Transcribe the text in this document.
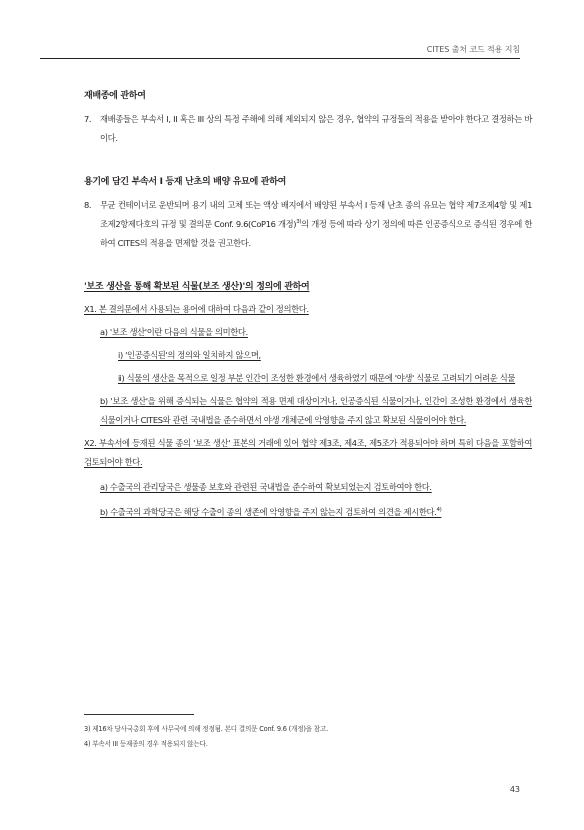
CITES 출처 코드 적용 지침

재배종에 관하여

7.	재배종들은 부속서 I, II 혹은 III 상의 특정 주해에 의해 제외되지 않은 경우, 협약의 규정들의 적용을 받아야 한다고 결정하는 바이다.

용기에 담긴 부속서 I 등재 난초의 배양 유묘에 관하여

8.	무균 컨테이너로 운반되며 용기 내의 고체 또는 액상 배지에서 배양된 부속서 I 등재 난초 종의 유묘는 협약 제7조제4항 및 제1조제2항제다호의 규정 및 결의문 Conf. 9.6(CoP16 개정)$^{3)}$의 개정 등에 따라 상기 정의에 따른 인공증식으로 증식된 경우에 한하여 CITES의 적용을 면제할 것을 권고한다.

'보조 생산을 통해 확보된 식물(보조 생산)'의 정의에 관하여

X1. 본 결의문에서 사용되는 용어에 대하여 다음과 같이 정의한다.
a) '보조 생산'이란 다음의 식물을 의미한다.
ⅰ) '인공증식된'의 정의와 일치하지 않으며,
ⅱ) 식물의 생산을 목적으로 일정 부분 인간이 조성한 환경에서 생육하였기 때문에 '야생' 식물로 고려되기 어려운 식물
b) '보조 생산'을 위해 증식되는 식물은 협약의 적용 면제 대상이거나, 인공증식된 식물이거나, 인간이 조성한 환경에서 생육한 식물이거나 CITES와 관련 국내법을 준수하면서 야생 개체군에 악영향을 주지 않고 확보된 식물이어야 한다.
X2. 부속서에 등재된 식물 종의 '보조 생산' 표본의 거래에 있어 협약 제3조, 제4조, 제5조가 적용되어야 하며 특히 다음을 포함하여 검토되어야 한다.
a) 수출국의 관리당국은 생물종 보호와 관련된 국내법을 준수하여 확보되었는지 검토하여야 한다.
b) 수출국의 과학당국은 해당 수출이 종의 생존에 악영향을 주지 않는지 검토하여 의견을 제시한다.$^{4)}$
3) 제16차 당사국총회 후에 사무국에 의해 정정됨. 본디 결의문 Conf. 9.6 (개정)을 참고.
4) 부속서 III 등재종의 경우 적용되지 않는다.
43
